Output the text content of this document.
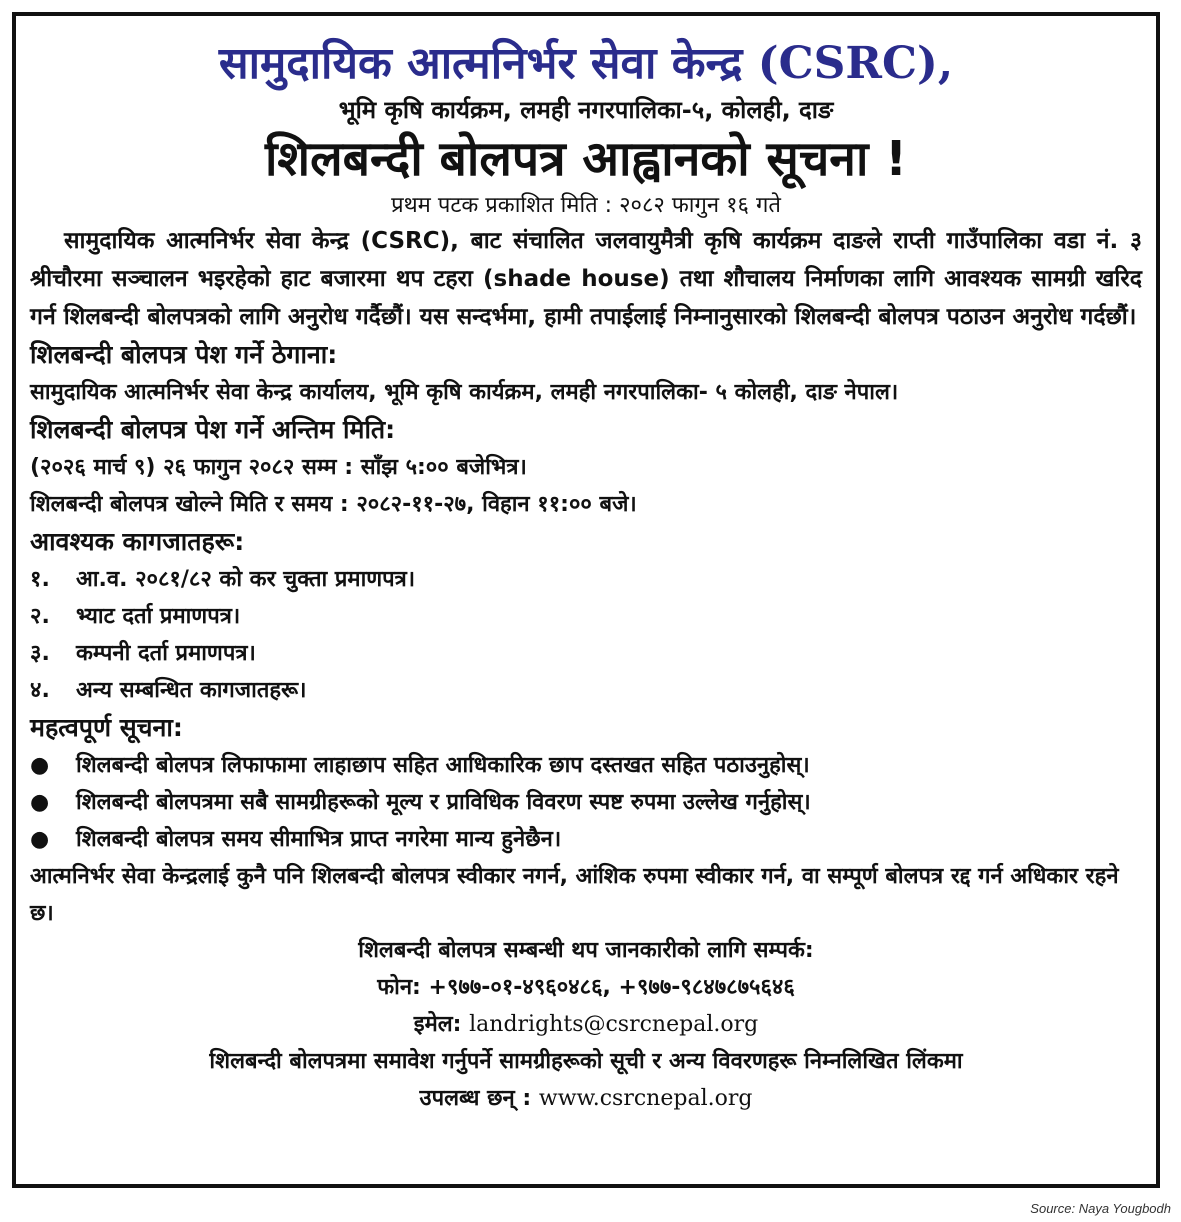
सामुदायिक आत्मनिर्भर सेवा केन्द्र (CSRC),
भूमि कृषि कार्यक्रम, लमही नगरपालिका-५, कोलही, दाङ
शिलबन्दी बोलपत्र आह्वानको सूचना !
प्रथम पटक प्रकाशित मिति : २०८२ फागुन १६ गते

सामुदायिक आत्मनिर्भर सेवा केन्द्र (CSRC), बाट संचालित जलवायुमैत्री कृषि कार्यक्रम दाङले राप्ती गाउँपालिका वडा नं. ३ श्रीचौरमा सञ्चालन भइरहेको हाट बजारमा थप टहरा (shade house) तथा शौचालय निर्माणका लागि आवश्यक सामग्री खरिद गर्न शिलबन्दी बोलपत्रको लागि अनुरोध गर्दैछौं। यस सन्दर्भमा, हामी तपाईलाई निम्नानुसारको शिलबन्दी बोलपत्र पठाउन अनुरोध गर्दछौं।

शिलबन्दी बोलपत्र पेश गर्ने ठेगाना:
सामुदायिक आत्मनिर्भर सेवा केन्द्र कार्यालय, भूमि कृषि कार्यक्रम, लमही नगरपालिका- ५ कोलही, दाङ नेपाल।
शिलबन्दी बोलपत्र पेश गर्ने अन्तिम मिति:
(२०२६ मार्च ९) २६ फागुन २०८२ सम्म : साँझ ५:०० बजेभित्र।
शिलबन्दी बोलपत्र खोल्ने मिति र समय : २०८२-११-२७, विहान ११:०० बजे।
आवश्यक कागजातहरू:
१. आ.व. २०८१/८२ को कर चुक्ता प्रमाणपत्र।
२. भ्याट दर्ता प्रमाणपत्र।
३. कम्पनी दर्ता प्रमाणपत्र।
४. अन्य सम्बन्धित कागजातहरू।
महत्वपूर्ण सूचना:
● शिलबन्दी बोलपत्र लिफाफामा लाहाछाप सहित आधिकारिक छाप दस्तखत सहित पठाउनुहोस्।
● शिलबन्दी बोलपत्रमा सबै सामग्रीहरूको मूल्य र प्राविधिक विवरण स्पष्ट रुपमा उल्लेख गर्नुहोस्।
● शिलबन्दी बोलपत्र समय सीमाभित्र प्राप्त नगरेमा मान्य हुनेछैन।
आत्मनिर्भर सेवा केन्द्रलाई कुनै पनि शिलबन्दी बोलपत्र स्वीकार नगर्न, आंशिक रुपमा स्वीकार गर्न, वा सम्पूर्ण बोलपत्र रद्द गर्न अधिकार रहने छ।
शिलबन्दी बोलपत्र सम्बन्धी थप जानकारीको लागि सम्पर्क:
फोन: +९७७-०१-४९६०४८६, +९७७-९८४७८७५६४६
इमेल: landrights@csrcnepal.org
शिलबन्दी बोलपत्रमा समावेश गर्नुपर्ने सामग्रीहरूको सूची र अन्य विवरणहरू निम्नलिखित लिंकमा
उपलब्ध छन् : www.csrcnepal.org
Source: Naya Yougbodh
